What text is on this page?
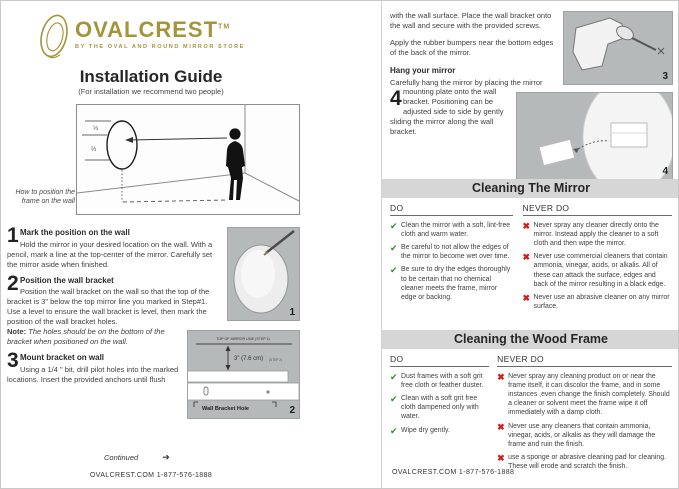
OVALCREST™
BY THE OVAL AND ROUND MIRROR STORE
Installation Guide
(For installation we recommend two people)
⅓
⅔
How to position the frame on the wall
1
1 Mark the position on the wall
Hold the mirror in your desired location on the wall. With a pencil, mark a line at the top-center of the mirror. Carefully set the mirror aside when finished.
2 Position the wall bracket
Position the wall bracket on the wall so that the top of the bracket is 3" below the top mirror line you marked in Step#1. Use a level to ensure the wall bracket is level, then mark the position of the wall bracket holes.
TOP OF MIRROR LINE (STEP 1)
3" (7.6 cm) (STEP 2)
Wall Bracket Hole	2
Note: The holes should be on the bottom of the bracket when positioned on the wall.
3 Mount bracket on wall
Using a 1/4 " bit, drill pilot holes into the marked locations. Insert the provided anchors until flush
Continued	➔
OVALCREST.COM 1-877-576-1888
3

with the wall surface. Place the wall bracket onto the wall and secure with the provided screws.

Apply the rubber bumpers near the bottom edges of the back of the mirror.

4
4
Hang your mirror
Carefully hang the mirror by placing the mirror mounting plate onto the wall bracket. Positioning can be adjusted side to side by gently sliding the mirror along the wall bracket.
Cleaning The Mirror
DO
✔ Clean the mirror with a soft, lint-free cloth and warm water.
✔ Be careful to not allow the edges of the mirror to become wet over time.
✔ Be sure to dry the edges thoroughly to be certain that no chemical cleaner meets the frame, mirror edge or backing.
NEVER DO
✖ Never spray any cleaner directly onto the mirror. Instead apply the cleaner to a soft cloth and then wipe the mirror.
✖ Never use commercial cleaners that contain ammonia, vinegar, acids, or alkalis. All of these can attack the surface, edges and back of the mirror resulting in a black edge.
✖ Never use an abrasive cleaner on any mirror surface.
Cleaning the Wood Frame
DO
✔ Dust frames with a soft grit free cloth or feather duster.
✔ Clean with a soft grit free cloth dampened only with water.
✔ Wipe dry gently.
NEVER DO
✖ Never spray any cleaning product on or near the frame itself, it can discolor the frame, and in some instances ,even change the finish completely. Should a cleaner or solvent meet the frame wipe it off immediately with a damp cloth.
✖ Never use any cleaners that contain ammonia, vinegar, acids, or alkalis as they will damage the frame and ruin the finish.
✖ use a sponge or abrasive cleaning pad for cleaning. These will erode and scratch the finish.
OVALCREST.COM 1-877-576-1888
